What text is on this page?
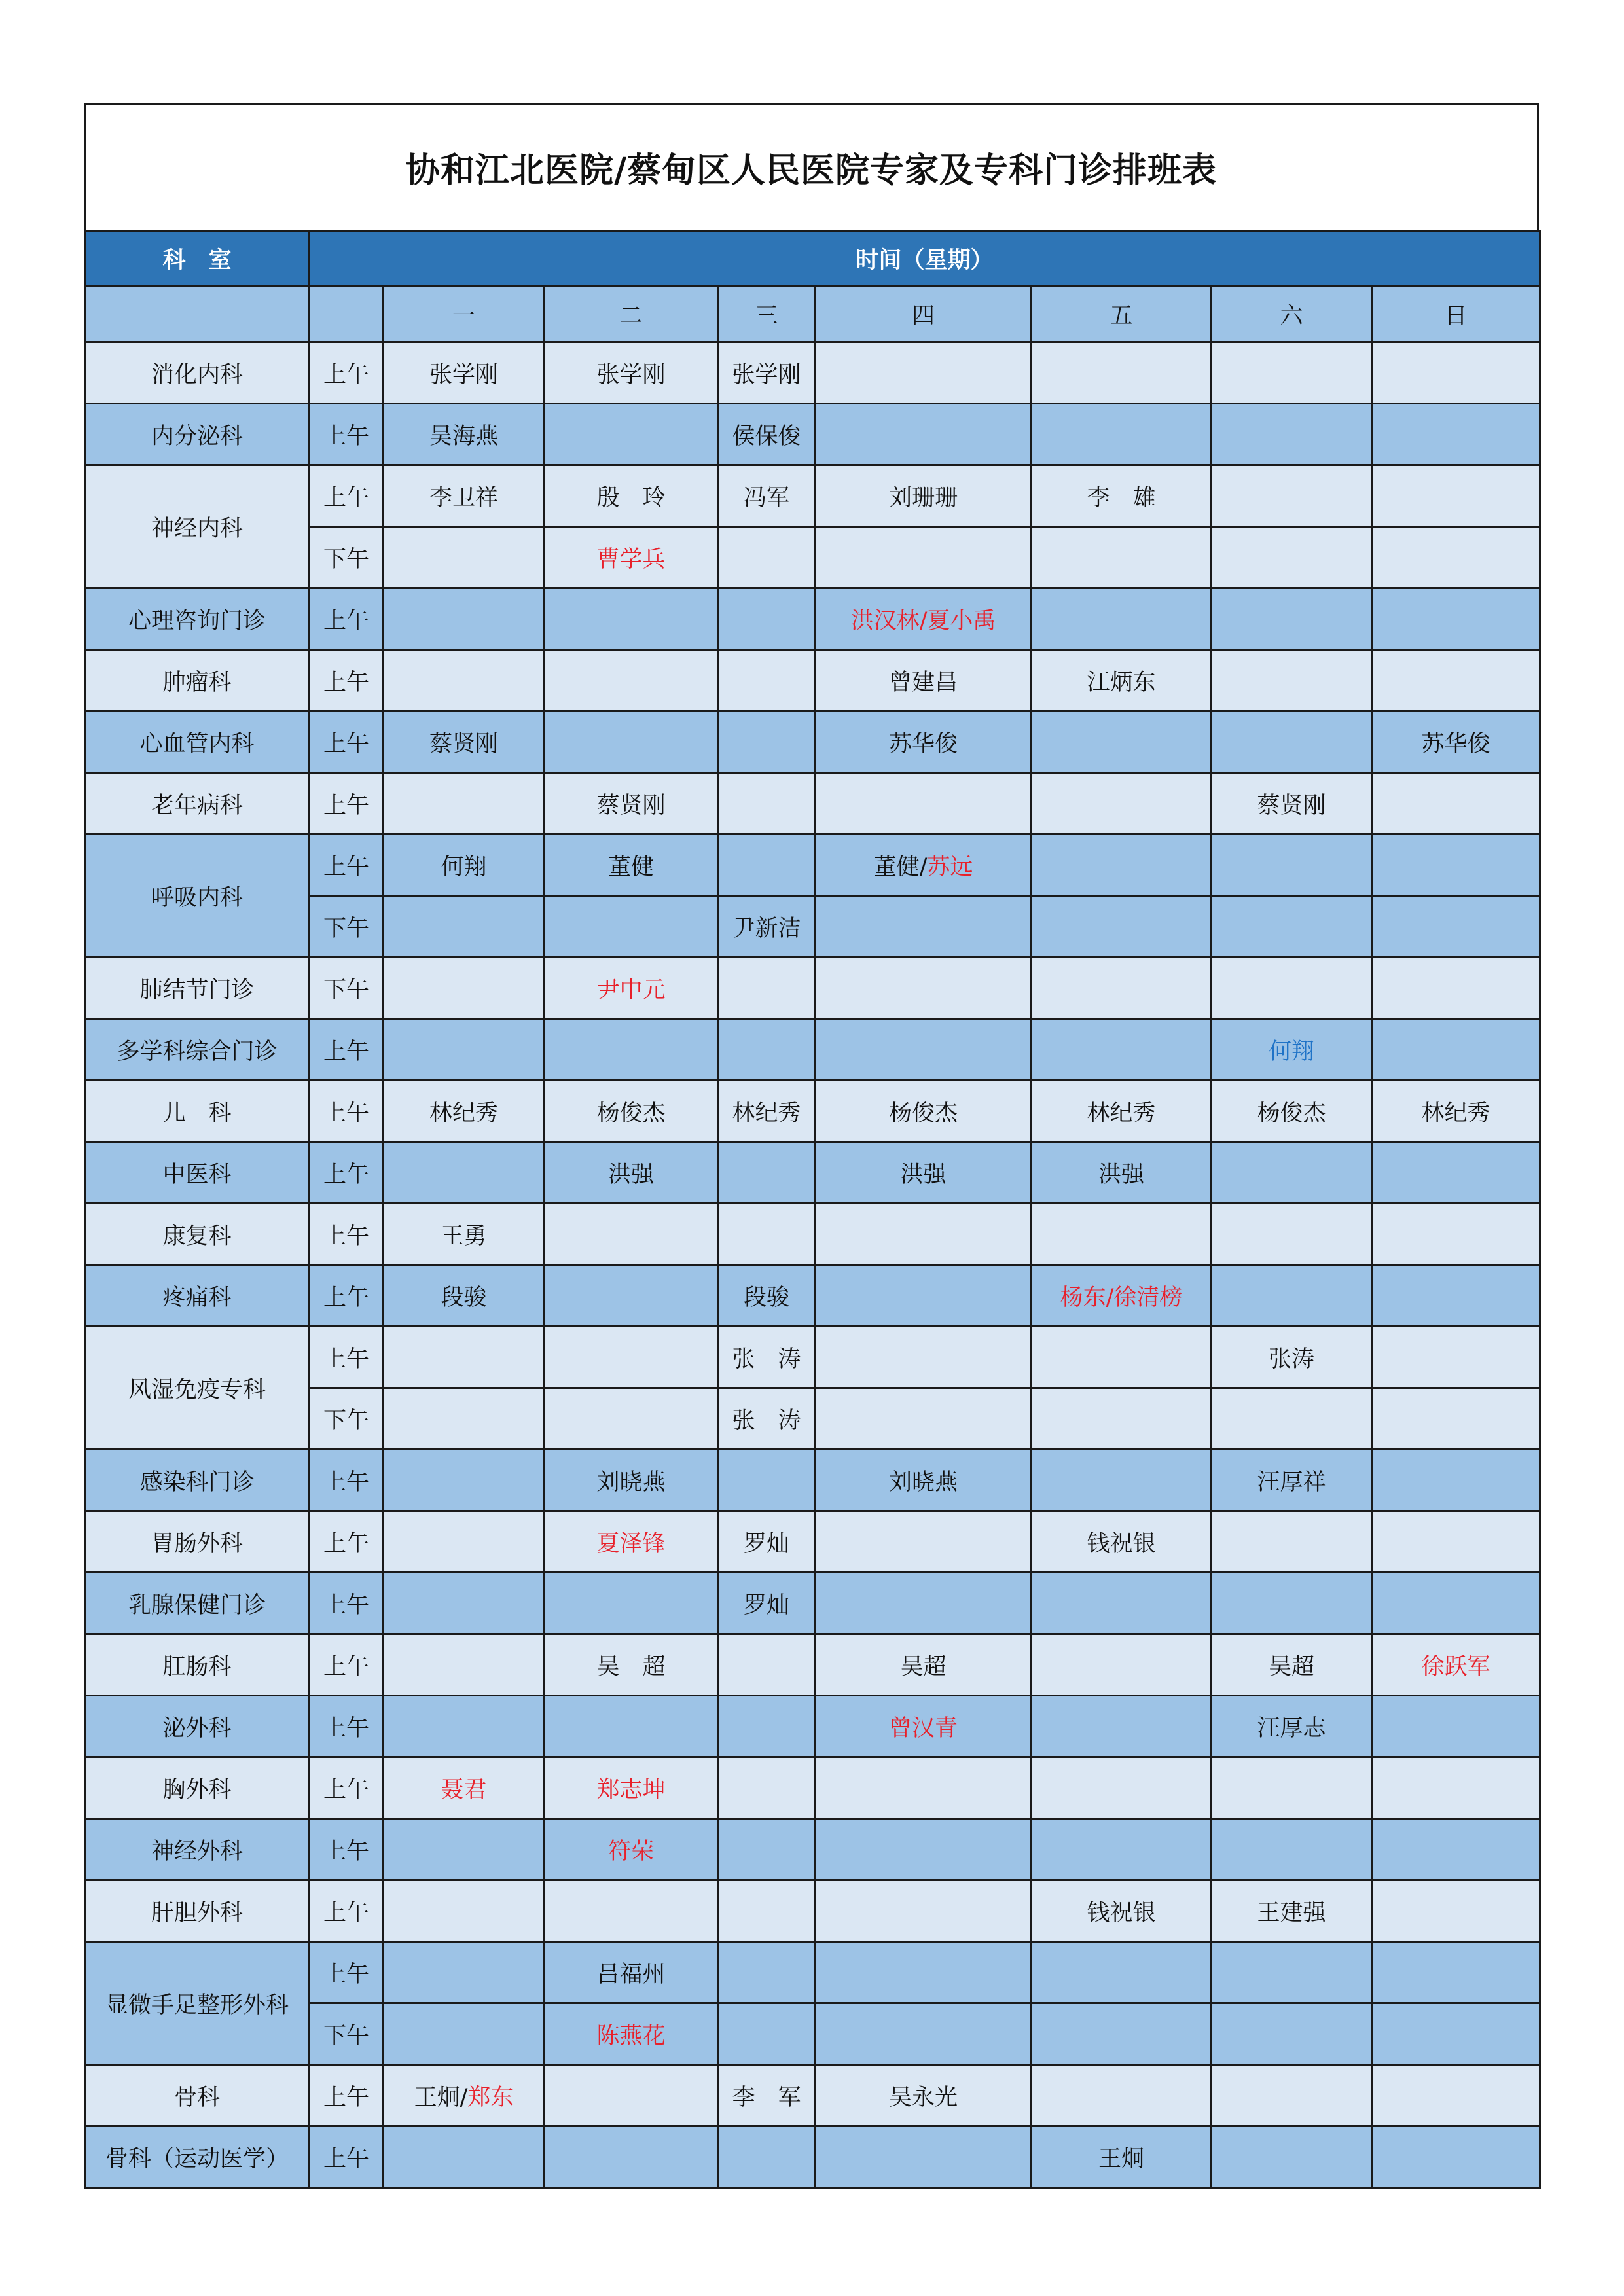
协和江北医院/蔡甸区人民医院专家及专科门诊排班表
科　室	时间（星期）							
		一	二	三	四	五	六	日
消化内科	上午	张学刚	张学刚	张学刚				
内分泌科	上午	吴海燕		侯保俊				
神经内科	上午	李卫祥	殷　玲	冯军	刘珊珊	李　雄		
	下午		曹学兵					
心理咨询门诊	上午				洪汉林/夏小禹			
肿瘤科	上午				曾建昌	江炳东		
心血管内科	上午	蔡贤刚			苏华俊			苏华俊
老年病科	上午		蔡贤刚				蔡贤刚	
呼吸内科	上午	何翔	董健		董健/苏远			
	下午			尹新洁				
肺结节门诊	下午		尹中元					
多学科综合门诊	上午						何翔	
儿　科	上午	林纪秀	杨俊杰	林纪秀	杨俊杰	林纪秀	杨俊杰	林纪秀
中医科	上午		洪强		洪强	洪强		
康复科	上午	王勇						
疼痛科	上午	段骏		段骏		杨东/徐清榜		
风湿免疫专科	上午			张　涛			张涛	
	下午			张　涛				
感染科门诊	上午		刘晓燕		刘晓燕		汪厚祥	
胃肠外科	上午		夏泽锋	罗灿		钱祝银		
乳腺保健门诊	上午			罗灿				
肛肠科	上午		吴　超		吴超		吴超	徐跃军
泌外科	上午				曾汉青		汪厚志	
胸外科	上午	聂君	郑志坤					
神经外科	上午		符荣					
肝胆外科	上午					钱祝银	王建强	
显微手足整形外科	上午		吕福州					
	下午		陈燕花					
骨科	上午	王炯/郑东		李　军	吴永光			
骨科（运动医学）	上午					王炯		
